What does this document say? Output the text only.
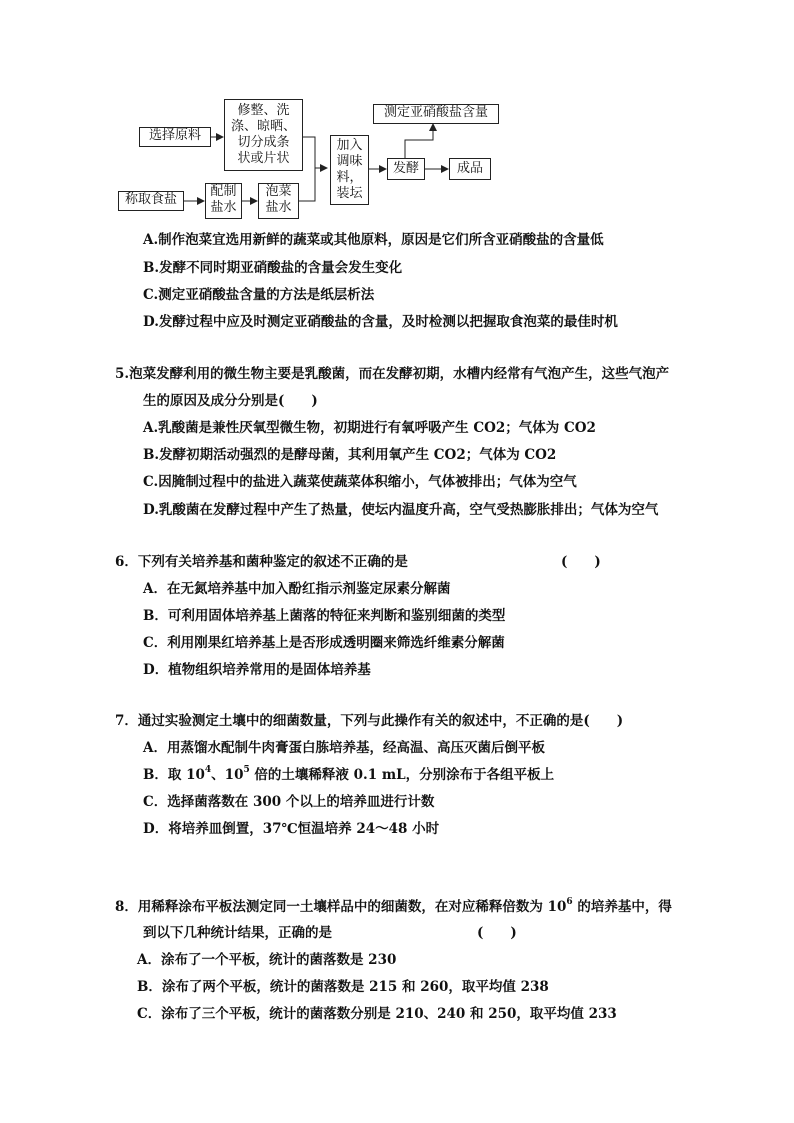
选择原料
修整、洗
涤、晾晒、
切分成条
状或片状
称取食盐
配制
盐水
泡菜
盐水
加入
调味
料，
装坛
测定亚硝酸盐含量
发酵	成品
A.制作泡菜宜选用新鲜的蔬菜或其他原料，原因是它们所含亚硝酸盐的含量低
B.发酵不同时期亚硝酸盐的含量会发生变化
C.测定亚硝酸盐含量的方法是纸层析法
D.发酵过程中应及时测定亚硝酸盐的含量，及时检测以把握取食泡菜的最佳时机
5.泡菜发酵利用的微生物主要是乳酸菌，而在发酵初期，水槽内经常有气泡产生，这些气泡产
生的原因及成分分别是(　　)
A.乳酸菌是兼性厌氧型微生物，初期进行有氧呼吸产生 CO2；气体为 CO2
B.发酵初期活动强烈的是酵母菌，其利用氧产生 CO2；气体为 CO2
C.因腌制过程中的盐进入蔬菜使蔬菜体积缩小，气体被排出；气体为空气
D.乳酸菌在发酵过程中产生了热量，使坛内温度升高，空气受热膨胀排出；气体为空气
6．下列有关培养基和菌种鉴定的叙述不正确的是	(　　)
A．在无氮培养基中加入酚红指示剂鉴定尿素分解菌
B．可利用固体培养基上菌落的特征来判断和鉴别细菌的类型
C．利用刚果红培养基上是否形成透明圈来筛选纤维素分解菌
D．植物组织培养常用的是固体培养基
7．通过实验测定土壤中的细菌数量，下列与此操作有关的叙述中，不正确的是(　　)
A．用蒸馏水配制牛肉膏蛋白胨培养基，经高温、高压灭菌后倒平板
B．取 $10^4$、$10^5$ 倍的土壤稀释液 0.1 mL，分别涂布于各组平板上
C．选择菌落数在 300 个以上的培养皿进行计数
D．将培养皿倒置，37℃恒温培养 24～48 小时
8．用稀释涂布平板法测定同一土壤样品中的细菌数，在对应稀释倍数为 $10^6$ 的培养基中，得
到以下几种统计结果，正确的是	(　　)
A．涂布了一个平板，统计的菌落数是 230
B．涂布了两个平板，统计的菌落数是 215 和 260，取平均值 238
C．涂布了三个平板，统计的菌落数分别是 210、240 和 250，取平均值 233
